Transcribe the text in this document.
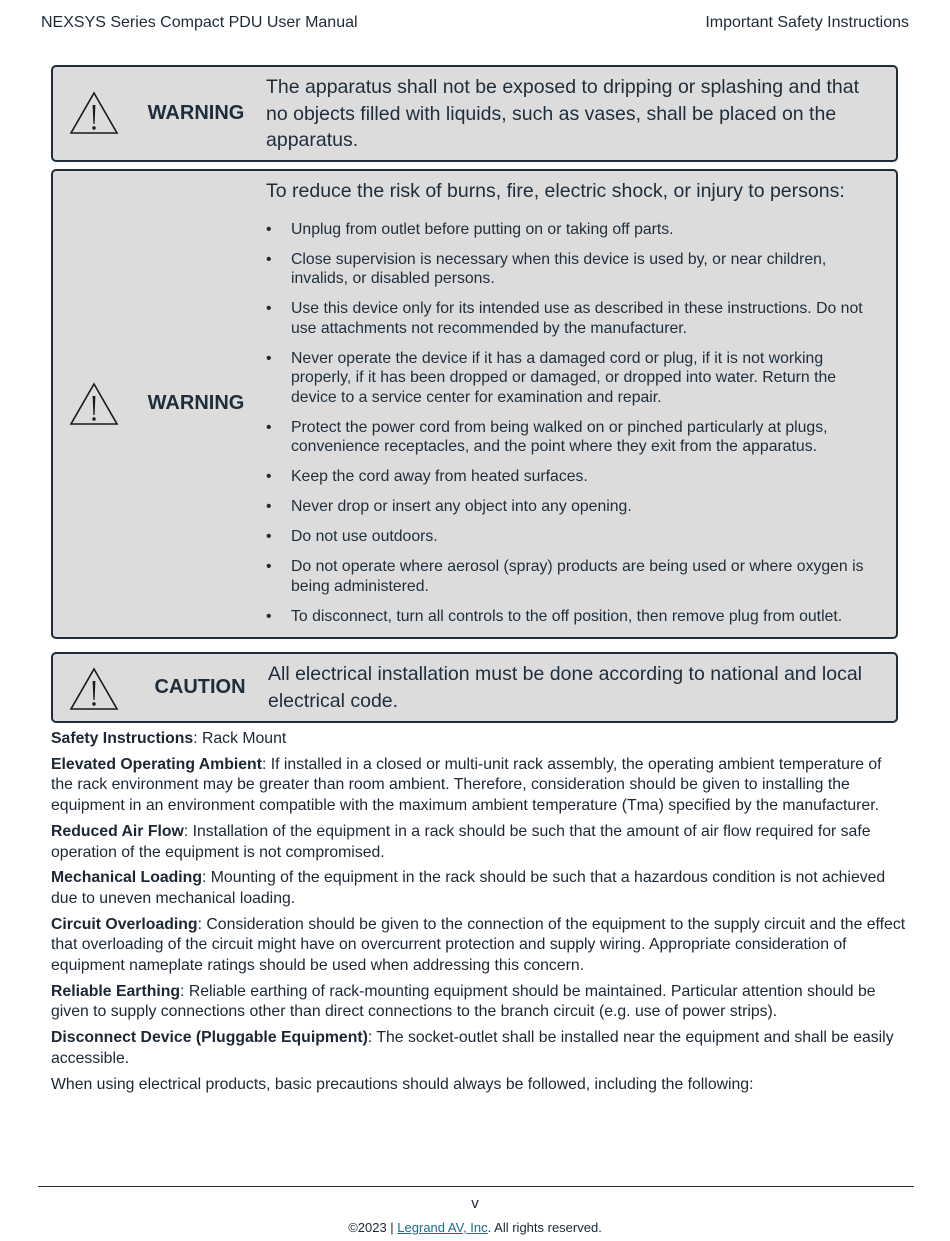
NEXSYS Series Compact PDU User Manual	Important Safety Instructions
WARNING
The apparatus shall not be exposed to dripping or splashing and that no objects filled with liquids, such as vases, shall be placed on the apparatus.
WARNING
To reduce the risk of burns, fire, electric shock, or injury to persons:
• Unplug from outlet before putting on or taking off parts.
• Close supervision is necessary when this device is used by, or near children, invalids, or disabled persons.
• Use this device only for its intended use as described in these instructions. Do not use attachments not recommended by the manufacturer.
• Never operate the device if it has a damaged cord or plug, if it is not working properly, if it has been dropped or damaged, or dropped into water. Return the device to a service center for examination and repair.
• Protect the power cord from being walked on or pinched particularly at plugs, convenience receptacles, and the point where they exit from the apparatus.
• Keep the cord away from heated surfaces.
• Never drop or insert any object into any opening.
• Do not use outdoors.
• Do not operate where aerosol (spray) products are being used or where oxygen is being administered.
• To disconnect, turn all controls to the off position, then remove plug from outlet.
CAUTION
All electrical installation must be done according to national and local electrical code.

Safety Instructions: Rack Mount

Elevated Operating Ambient: If installed in a closed or multi-unit rack assembly, the operating ambient temperature of the rack environment may be greater than room ambient. Therefore, consideration should be given to installing the equipment in an environment compatible with the maximum ambient temperature (Tma) specified by the manufacturer.

Reduced Air Flow: Installation of the equipment in a rack should be such that the amount of air flow required for safe operation of the equipment is not compromised.

Mechanical Loading: Mounting of the equipment in the rack should be such that a hazardous condition is not achieved due to uneven mechanical loading.

Circuit Overloading: Consideration should be given to the connection of the equipment to the supply circuit and the effect that overloading of the circuit might have on overcurrent protection and supply wiring. Appropriate consideration of equipment nameplate ratings should be used when addressing this concern.

Reliable Earthing: Reliable earthing of rack-mounting equipment should be maintained. Particular attention should be given to supply connections other than direct connections to the branch circuit (e.g. use of power strips).

Disconnect Device (Pluggable Equipment): The socket-outlet shall be installed near the equipment and shall be easily accessible.

When using electrical products, basic precautions should always be followed, including the following:

v
©2023 | Legrand AV, Inc. All rights reserved.
